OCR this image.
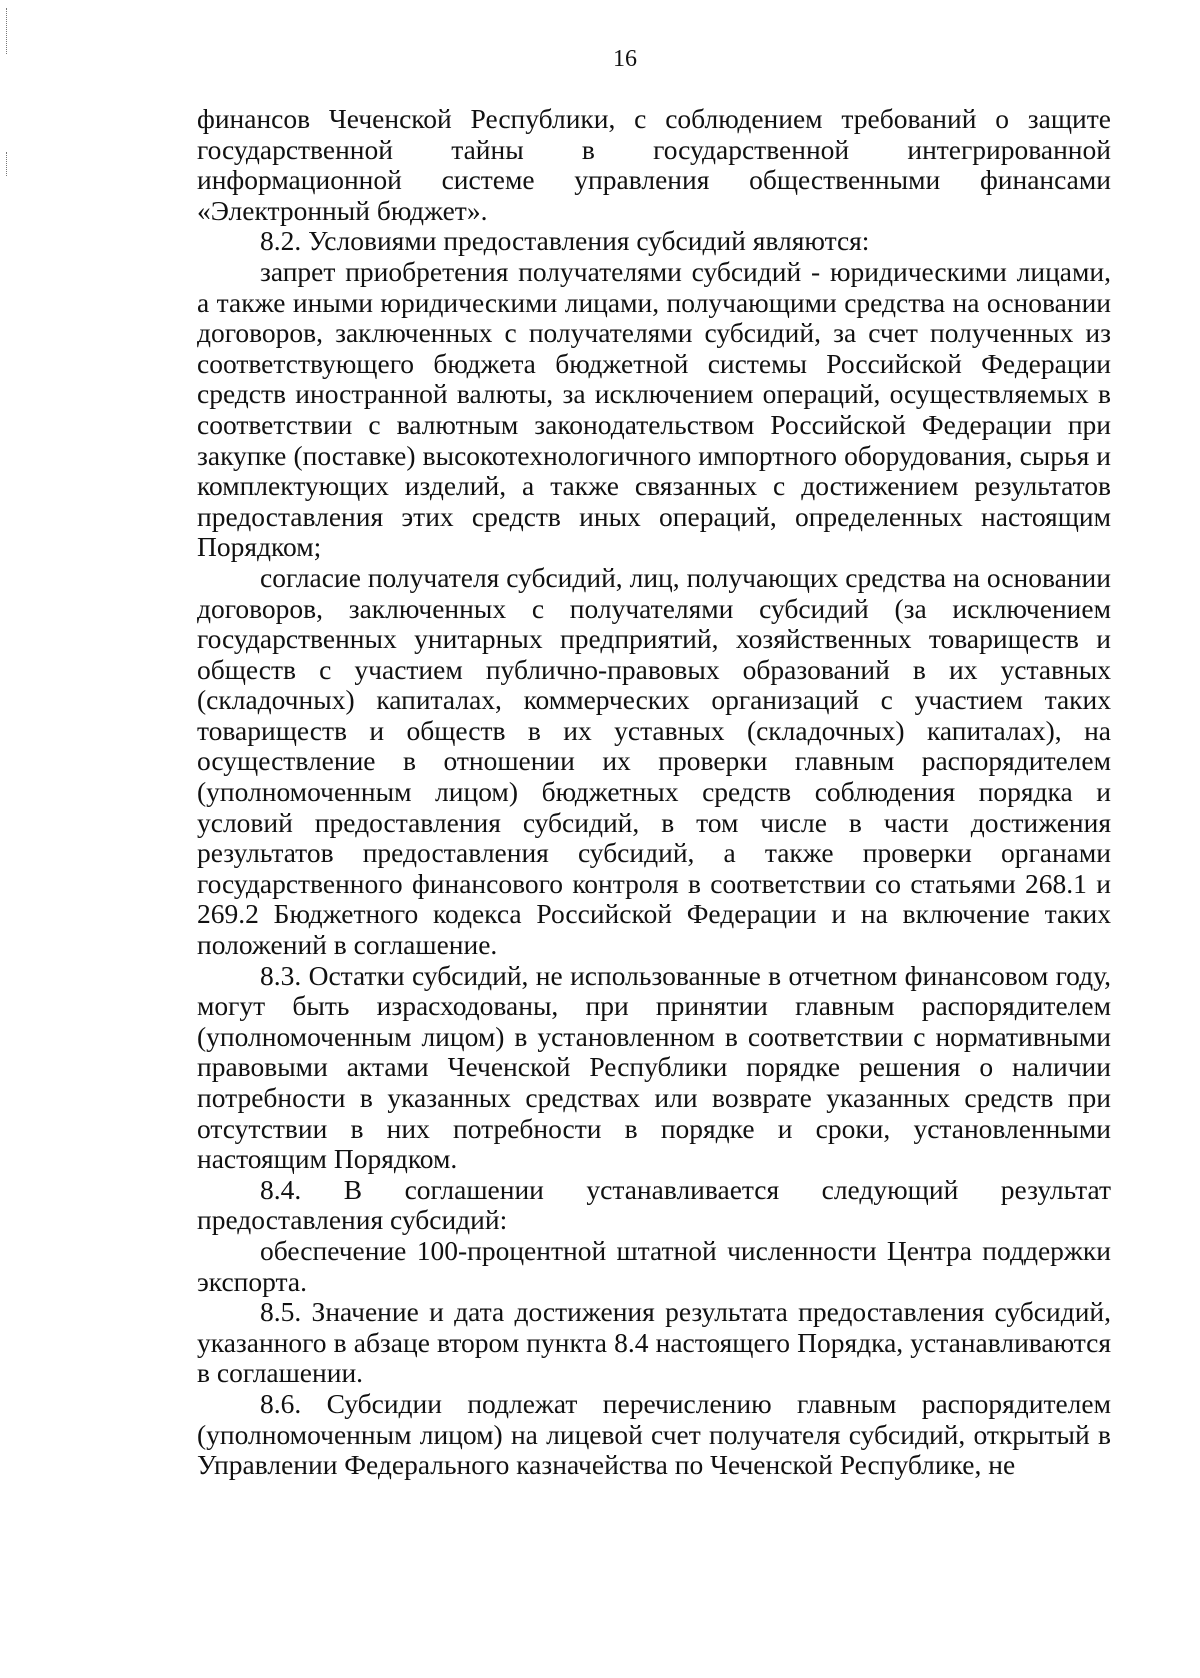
16

финансов Чеченской Республики, с соблюдением требований о защите государственной тайны в государственной интегрированной информационной системе управления общественными финансами «Электронный бюджет».

8.2. Условиями предоставления субсидий являются:

запрет приобретения получателями субсидий - юридическими лицами, а также иными юридическими лицами, получающими средства на основании договоров, заключенных с получателями субсидий, за счет полученных из соответствующего бюджета бюджетной системы Российской Федерации средств иностранной валюты, за исключением операций, осуществляемых в соответствии с валютным законодательством Российской Федерации при закупке (поставке) высокотехнологичного импортного оборудования, сырья и комплектующих изделий, а также связанных с достижением результатов предоставления этих средств иных операций, определенных настоящим Порядком;

согласие получателя субсидий, лиц, получающих средства на основании договоров, заключенных с получателями субсидий (за исключением государственных унитарных предприятий, хозяйственных товариществ и обществ с участием публично-правовых образований в их уставных (складочных) капиталах, коммерческих организаций с участием таких товариществ и обществ в их уставных (складочных) капиталах), на осуществление в отношении их проверки главным распорядителем (уполномоченным лицом) бюджетных средств соблюдения порядка и условий предоставления субсидий, в том числе в части достижения результатов предоставления субсидий, а также проверки органами государственного финансового контроля в соответствии со статьями 268.1 и 269.2 Бюджетного кодекса Российской Федерации и на включение таких положений в соглашение.

8.3. Остатки субсидий, не использованные в отчетном финансовом году, могут быть израсходованы, при принятии главным распорядителем (уполномоченным лицом) в установленном в соответствии с нормативными правовыми актами Чеченской Республики порядке решения о наличии потребности в указанных средствах или возврате указанных средств при отсутствии в них потребности в порядке и сроки, установленными настоящим Порядком.

8.4. В соглашении устанавливается следующий результат предоставления субсидий:

обеспечение 100-процентной штатной численности Центра поддержки экспорта.

8.5. Значение и дата достижения результата предоставления субсидий, указанного в абзаце втором пункта 8.4 настоящего Порядка, устанавливаются в соглашении.

8.6. Субсидии подлежат перечислению главным распорядителем (уполномоченным лицом) на лицевой счет получателя субсидий, открытый в Управлении Федерального казначейства по Чеченской Республике, не
